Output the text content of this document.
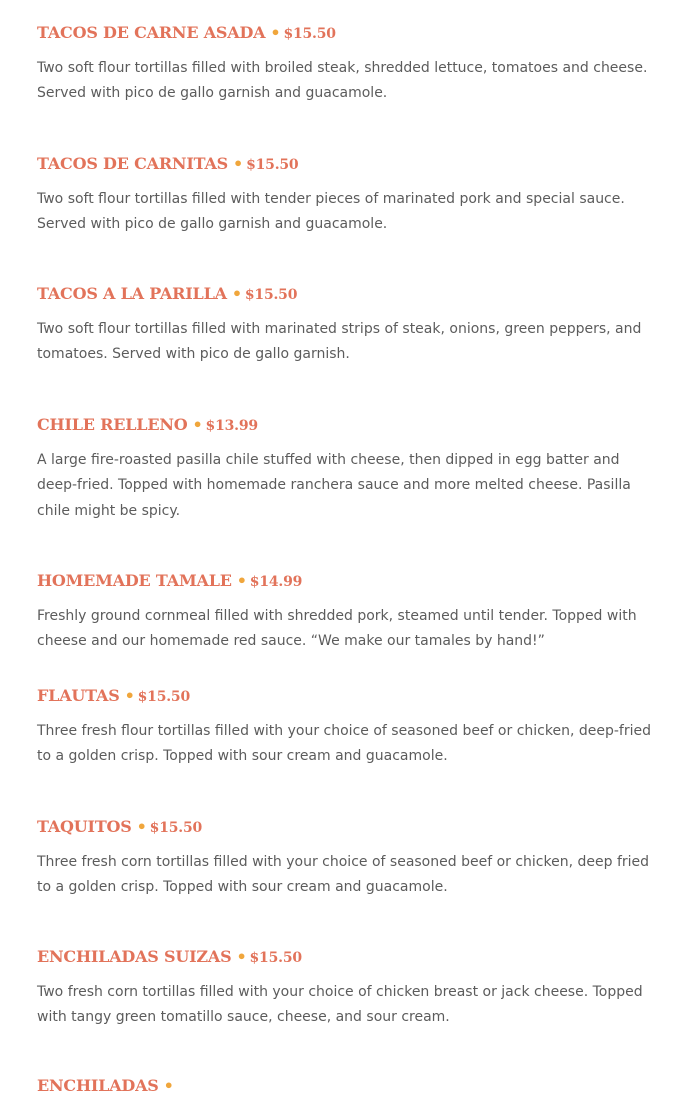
TACOS DE CARNE ASADA • $15.50

Two soft flour tortillas filled with broiled steak, shredded lettuce, tomatoes and cheese. Served with pico de gallo garnish and guacamole.

TACOS DE CARNITAS • $15.50

Two soft flour tortillas filled with tender pieces of marinated pork and special sauce. Served with pico de gallo garnish and guacamole.

TACOS A LA PARILLA • $15.50

Two soft flour tortillas filled with marinated strips of steak, onions, green peppers, and tomatoes. Served with pico de gallo garnish.

CHILE RELLENO • $13.99

A large fire-roasted pasilla chile stuffed with cheese, then dipped in egg batter and deep-fried. Topped with homemade ranchera sauce and more melted cheese. Pasilla chile might be spicy.

HOMEMADE TAMALE • $14.99

Freshly ground cornmeal filled with shredded pork, steamed until tender. Topped with cheese and our homemade red sauce. “We make our tamales by hand!”

FLAUTAS • $15.50

Three fresh flour tortillas filled with your choice of seasoned beef or chicken, deep-fried to a golden crisp. Topped with sour cream and guacamole.

TAQUITOS • $15.50

Three fresh corn tortillas filled with your choice of seasoned beef or chicken, deep fried to a golden crisp. Topped with sour cream and guacamole.

ENCHILADAS SUIZAS • $15.50

Two fresh corn tortillas filled with your choice of chicken breast or jack cheese. Topped with tangy green tomatillo sauce, cheese, and sour cream.

ENCHILADAS •
